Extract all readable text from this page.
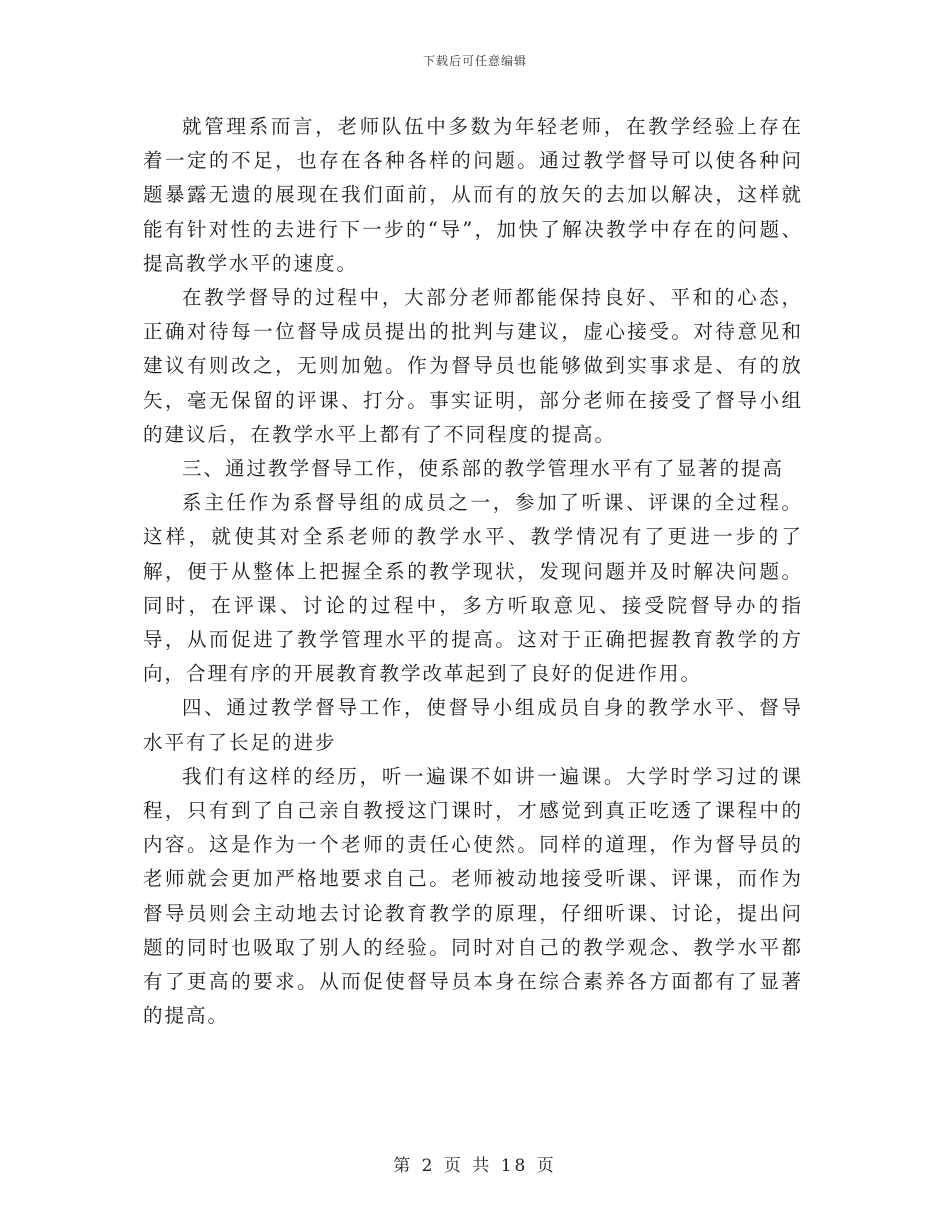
下载后可任意编辑

就管理系而言，老师队伍中多数为年轻老师，在教学经验上存在着一定的不足，也存在各种各样的问题。通过教学督导可以使各种问题暴露无遗的展现在我们面前，从而有的放矢的去加以解决，这样就能有针对性的去进行下一步的“导”，加快了解决教学中存在的问题、提高教学水平的速度。

在教学督导的过程中，大部分老师都能保持良好、平和的心态，正确对待每一位督导成员提出的批判与建议，虚心接受。对待意见和建议有则改之，无则加勉。作为督导员也能够做到实事求是、有的放矢，毫无保留的评课、打分。事实证明，部分老师在接受了督导小组的建议后，在教学水平上都有了不同程度的提高。

三、通过教学督导工作，使系部的教学管理水平有了显著的提高

系主任作为系督导组的成员之一，参加了听课、评课的全过程。这样，就使其对全系老师的教学水平、教学情况有了更进一步的了解，便于从整体上把握全系的教学现状，发现问题并及时解决问题。同时，在评课、讨论的过程中，多方听取意见、接受院督导办的指导，从而促进了教学管理水平的提高。这对于正确把握教育教学的方向，合理有序的开展教育教学改革起到了良好的促进作用。

四、通过教学督导工作，使督导小组成员自身的教学水平、督导水平有了长足的进步

我们有这样的经历，听一遍课不如讲一遍课。大学时学习过的课程，只有到了自己亲自教授这门课时，才感觉到真正吃透了课程中的内容。这是作为一个老师的责任心使然。同样的道理，作为督导员的老师就会更加严格地要求自己。老师被动地接受听课、评课，而作为督导员则会主动地去讨论教育教学的原理，仔细听课、讨论，提出问题的同时也吸取了别人的经验。同时对自己的教学观念、教学水平都有了更高的要求。从而促使督导员本身在综合素养各方面都有了显著的提高。

第 2 页 共 18 页
